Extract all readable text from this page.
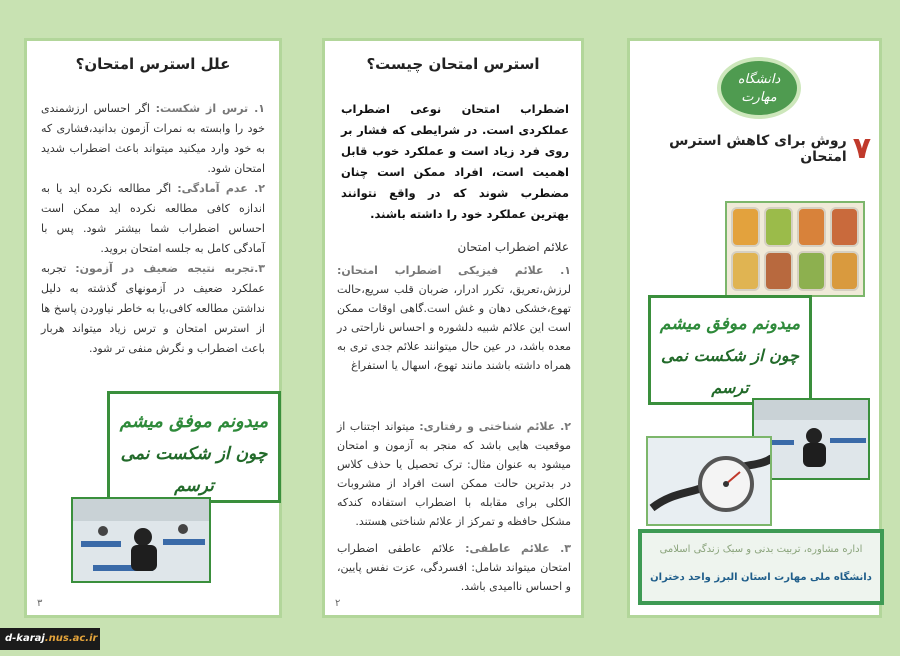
علل استرس امتحان؟

۱. ترس از شکست: اگر احساس ارزشمندی خود را وابسته به نمرات آزمون بدانید،فشاری که به خود وارد میکنید میتواند باعث اضطراب شدید امتحان شود.

۲. عدم آمادگی: اگر مطالعه نکرده اید یا به اندازه کافی مطالعه نکرده اید ممکن است احساس اضطراب شما بیشتر شود. پس با آمادگی کامل به جلسه امتحان بروید.

۳.تجربه نتیجه ضعیف در آزمون: تجربه عملکرد ضعیف در آزمونهای گذشته به دلیل نداشتن مطالعه کافی،یا به خاطر نیاوردن پاسخ ها از استرس امتحان و ترس زیاد میتواند هربار باعث اضطراب و نگرش منفی تر شود.

میدونم موفق میشم
چون از شکست نمی ترسم
۳
استرس امتحان چیست؟
اضطراب امتحان نوعی اضطراب عملکردی است. در شرایطی که فشار بر روی فرد زیاد است و عملکرد خوب قابل اهمیت است، افراد ممکن است چنان مضطرب شوند که در واقع نتوانند بهترین عملکرد خود را داشته باشند.
علائم اضطراب امتحان

۱. علائم فیزیکی اضطراب امتحان: لرزش،تعریق، تکرر ادرار، ضربان قلب سریع،حالت تهوع،خشکی دهان و غش است.گاهی اوقات ممکن است این علائم شبیه دلشوره و احساس ناراحتی در معده باشد، در عین حال میتوانند علائم جدی تری به همراه داشته باشند مانند تهوع، اسهال یا استفراغ

۲. علائم شناختی و رفتاری: میتواند اجتناب از موقعیت هایی باشد که منجر به آزمون و امتحان میشود به عنوان مثال: ترک تحصیل یا حذف کلاس در بدترین حالت ممکن است افراد از مشروبات الکلی برای مقابله با اضطراب استفاده کندکه مشکل حافظه و تمرکز از علائم شناختی هستند.

۳. علائم عاطفی: علائم عاطفی اضطراب امتحان میتواند شامل: افسردگی، عزت نفس پایین، و احساس ناامیدی باشد.

۲
دانشگاه
مهارت
۷
روش برای کاهش استرس امتحان
میدونم موفق میشم
چون از شکست نمی ترسم
اداره مشاوره، تربیت بدنی و سبک زندگی اسلامی
دانشگاه ملی مهارت استان البرز واحد دختران
d-karaj.nus.ac.ir
